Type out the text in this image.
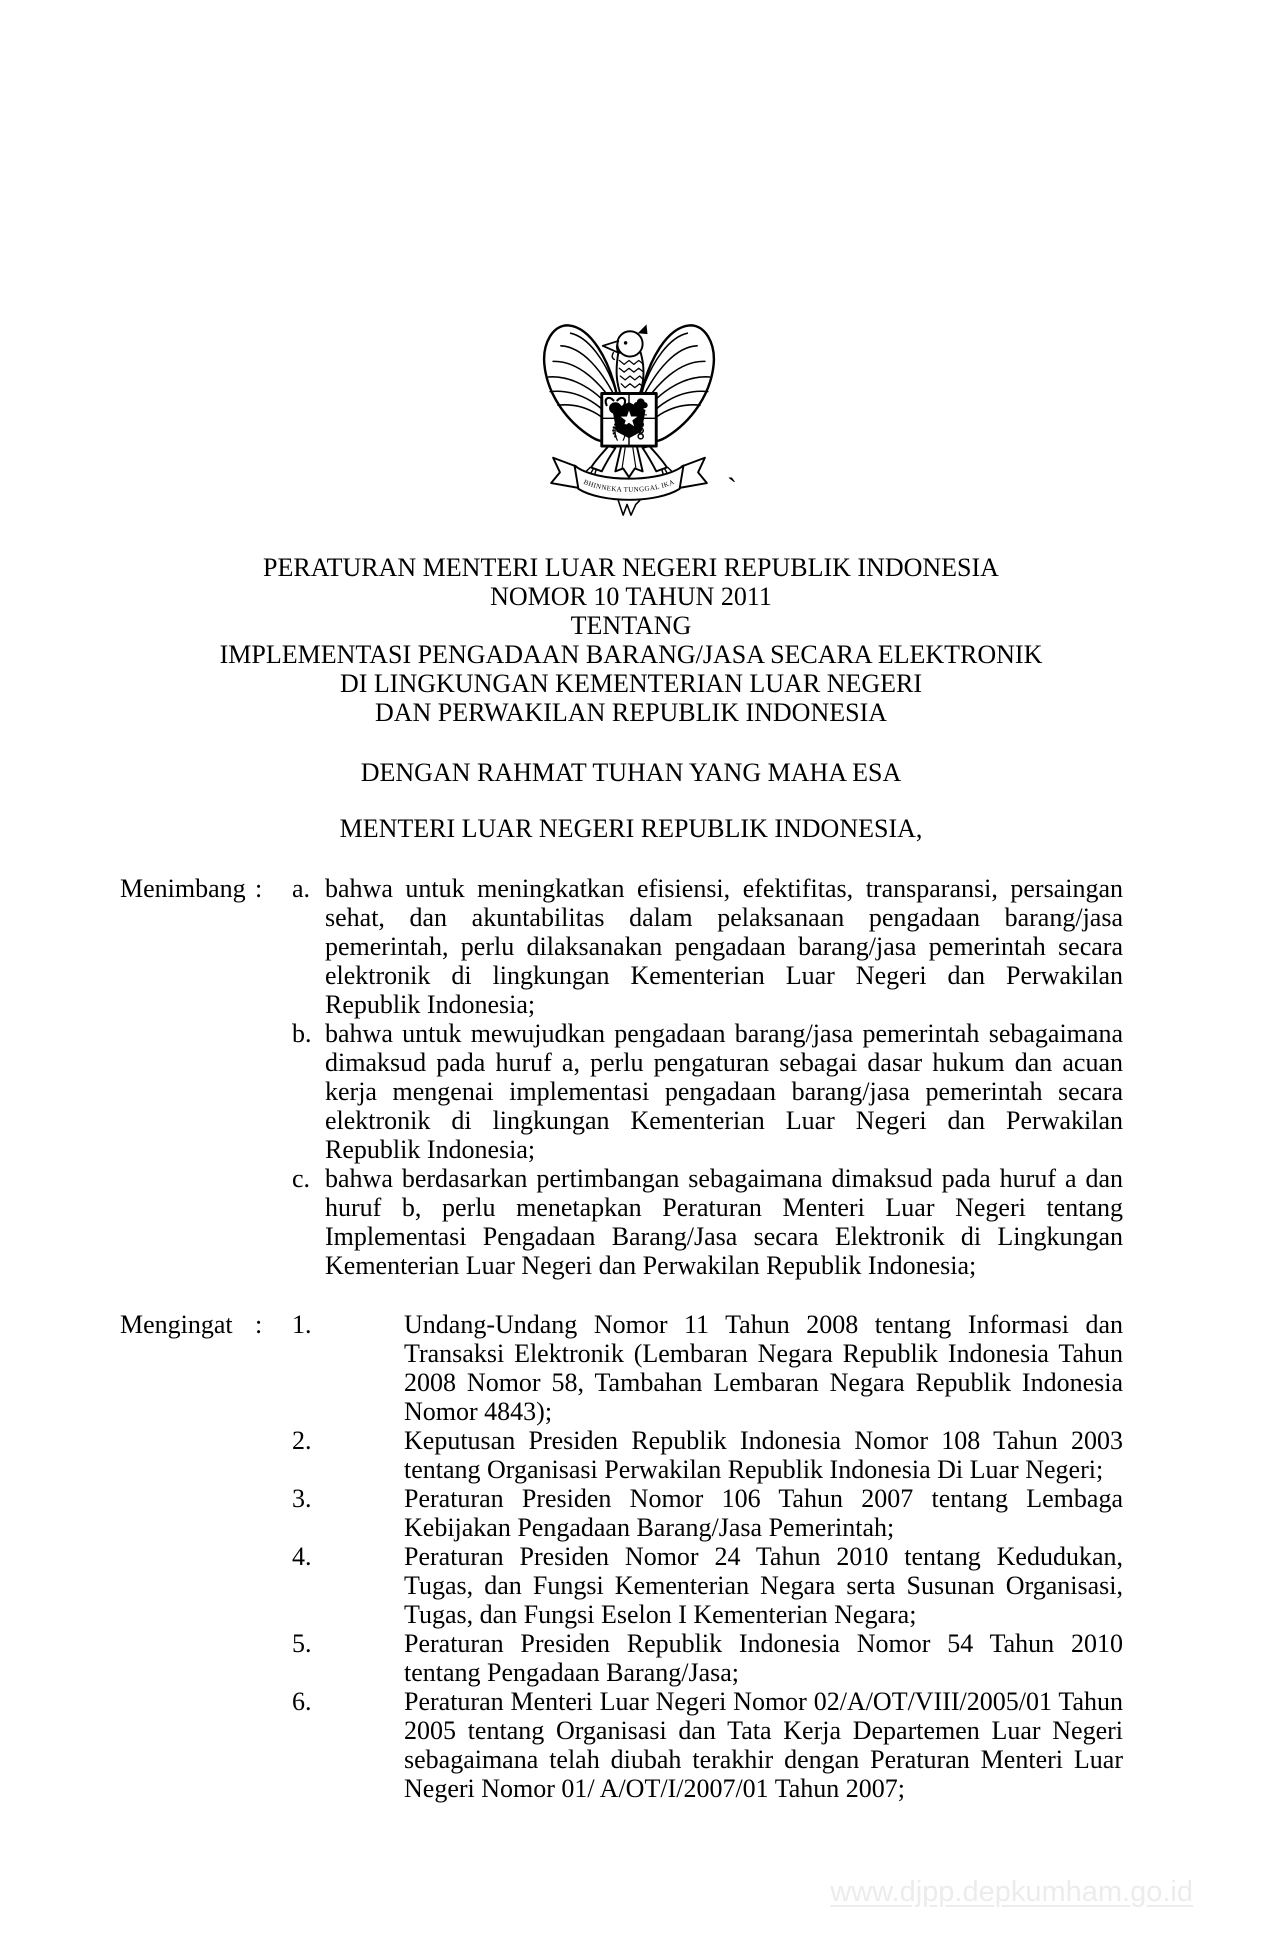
BHINNEKA TUNGGAL IKA `
PERATURAN MENTERI LUAR NEGERI REPUBLIK INDONESIA
NOMOR 10 TAHUN 2011
TENTANG
IMPLEMENTASI PENGADAAN BARANG/JASA SECARA ELEKTRONIK
DI LINGKUNGAN KEMENTERIAN LUAR NEGERI
DAN PERWAKILAN REPUBLIK INDONESIA
DENGAN RAHMAT TUHAN YANG MAHA ESA
MENTERI LUAR NEGERI REPUBLIK INDONESIA,
Menimbang :	a. bahwa untuk meningkatkan efisiensi, efektifitas, transparansi, persaingan sehat, dan akuntabilitas dalam pelaksanaan pengadaan barang/jasa pemerintah, perlu dilaksanakan pengadaan barang/jasa pemerintah secara elektronik di lingkungan Kementerian Luar Negeri dan Perwakilan Republik Indonesia;
b. bahwa untuk mewujudkan pengadaan barang/jasa pemerintah sebagaimana dimaksud pada huruf a, perlu pengaturan sebagai dasar hukum dan acuan kerja mengenai implementasi pengadaan barang/jasa pemerintah secara elektronik di lingkungan Kementerian Luar Negeri dan Perwakilan Republik Indonesia;
c. bahwa berdasarkan pertimbangan sebagaimana dimaksud pada huruf a dan huruf b, perlu menetapkan Peraturan Menteri Luar Negeri tentang Implementasi Pengadaan Barang/Jasa secara Elektronik di Lingkungan Kementerian Luar Negeri dan Perwakilan Republik Indonesia;
Mengingat :	1.	Undang-Undang Nomor 11 Tahun 2008 tentang Informasi dan Transaksi Elektronik (Lembaran Negara Republik Indonesia Tahun 2008 Nomor 58, Tambahan Lembaran Negara Republik Indonesia Nomor 4843);
2.	Keputusan Presiden Republik Indonesia Nomor 108 Tahun 2003 tentang Organisasi Perwakilan Republik Indonesia Di Luar Negeri;
3.	Peraturan Presiden Nomor 106 Tahun 2007 tentang Lembaga Kebijakan Pengadaan Barang/Jasa Pemerintah;
4.	Peraturan Presiden Nomor 24 Tahun 2010 tentang Kedudukan, Tugas, dan Fungsi Kementerian Negara serta Susunan Organisasi, Tugas, dan Fungsi Eselon I Kementerian Negara;
5.	Peraturan Presiden Republik Indonesia Nomor 54 Tahun 2010 tentang Pengadaan Barang/Jasa;
6.	Peraturan Menteri Luar Negeri Nomor 02/A/OT/VIII/2005/01 Tahun 2005 tentang Organisasi dan Tata Kerja Departemen Luar Negeri sebagaimana telah diubah terakhir dengan Peraturan Menteri Luar Negeri Nomor 01/ A/OT/I/2007/01 Tahun 2007;
www.djpp.depkumham.go.id
